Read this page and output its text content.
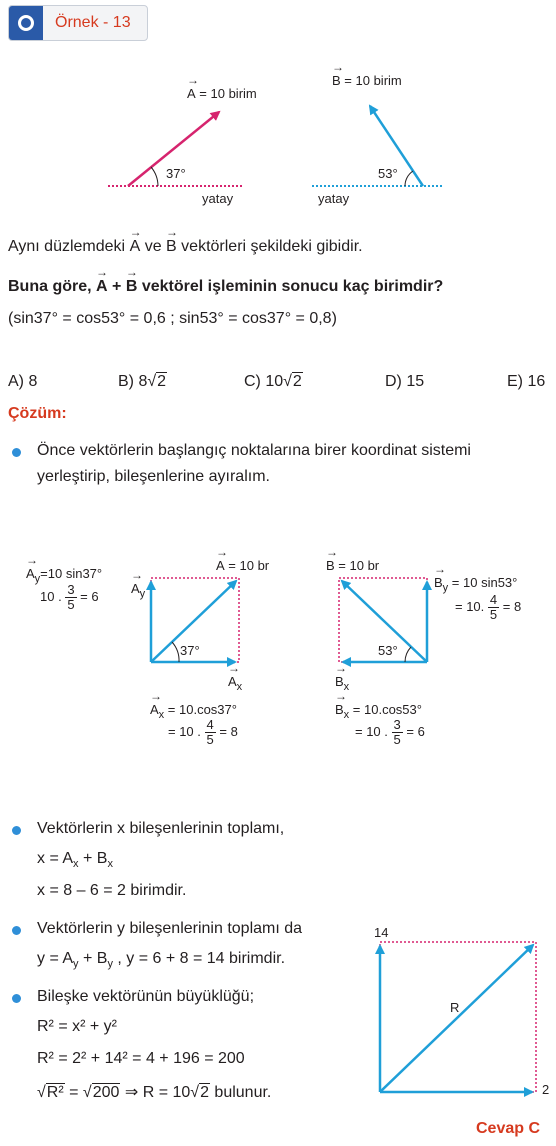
Örnek - 13
→ A = 10 birim
37°
yatay
→ B = 10 birim
53°
yatay
Aynı düzlemdeki → A ve → B vektörleri şekildeki gibidir.
Buna göre, → A + → B vektörel işleminin sonucu kaç birimdir?
(sin37° = cos53° = 0,6 ; sin53° = cos37° = 0,8)
A) 8	B) 8√2	C) 10√2	D) 15	E) 16
Çözüm:
Önce vektörlerin başlangıç noktalarına birer koordinat sistemi
yerleştirip, bileşenlerine ayıralım.
→ $A_y=10$ sin37°
10 . $\frac{3}{5} = 6$
→ $A_y$
→ A = 10 br
37°
→ $A_x$
→ $A_x = 10.\cos 37^\circ$
= 10 . $\frac{4}{5} = 8$
→ B = 10 br
→ $B_y = 10$ sin53°
= 10. $\frac{4}{5} = 8$
53°
→ $B_x$
→ $B_x = 10.\cos 53^\circ$
= 10 . $\frac{3}{5} = 6$
Vektörlerin x bileşenlerinin toplamı,
$x = A_x + B_x$
x = 8 – 6 = 2 birimdir.
Vektörlerin y bileşenlerinin toplamı da
$y = A_y + B_y$ , y = 6 + 8 = 14 birimdir.
Bileşke vektörünün büyüklüğü;
R² = x² + y²
R² = 2² + 14² = 4 + 196 = 200
√R² = √200 ⇒ R = 10√2 bulunur.
14
2
R
Cevap C
